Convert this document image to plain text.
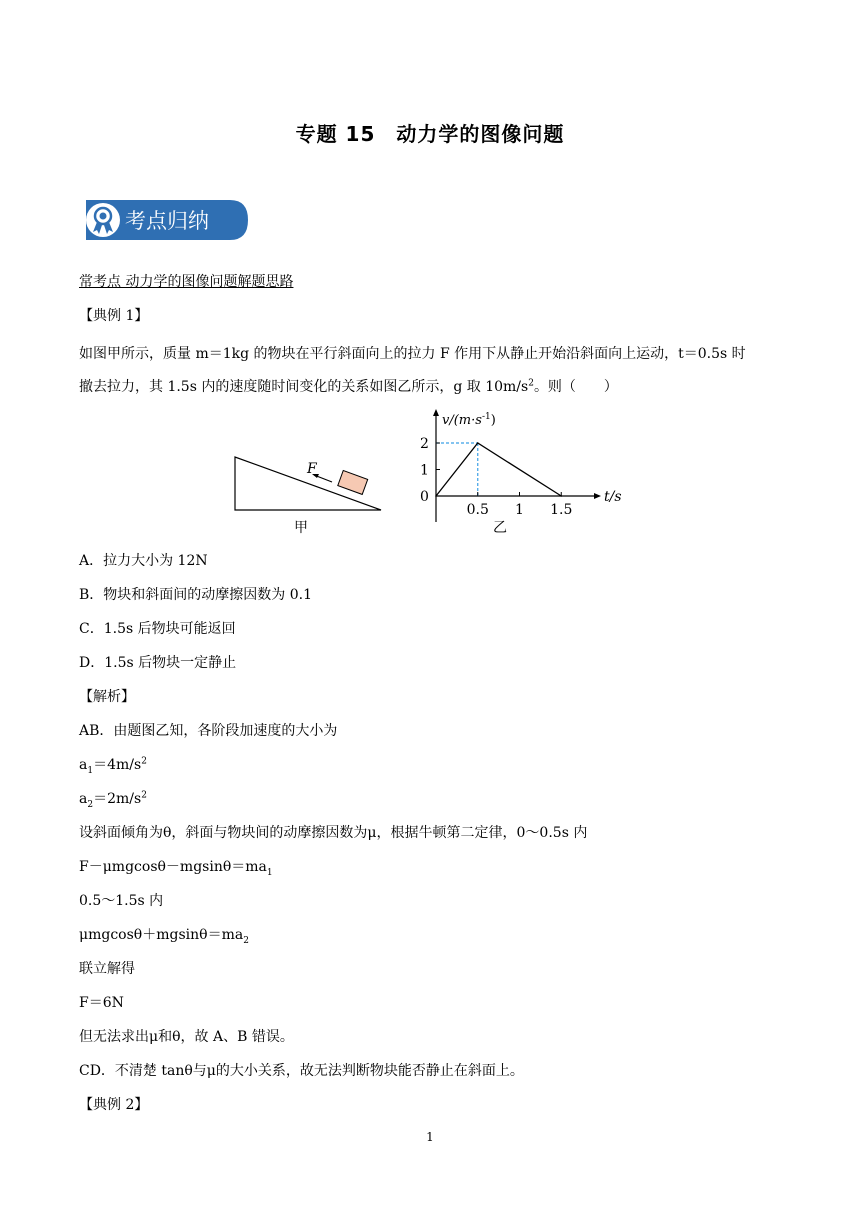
专题 15　动力学的图像问题
考点归纳
常考点 动力学的图像问题解题思路
【典例 1】
如图甲所示，质量 m＝1kg 的物块在平行斜面向上的拉力 F 作用下从静止开始沿斜面向上运动，t＝0.5s 时
撤去拉力，其 1.5s 内的速度随时间变化的关系如图乙所示，g 取 $10m/s^2$。则（　　）
F
甲
$v/(m\cdot s^{-1})$
t/s
0
2
1
0.5 1 1.5
乙
A．拉力大小为 12N
B．物块和斜面间的动摩擦因数为 0.1
C．1.5s 后物块可能返回
D．1.5s 后物块一定静止
【解析】
AB．由题图乙知，各阶段加速度的大小为
$a_1=4m/s^2$
$a_2=2m/s^2$
设斜面倾角为θ，斜面与物块间的动摩擦因数为μ，根据牛顿第二定律，0～0.5s 内
$F-\mu mgcos\theta-mgsin\theta=ma_1$
0.5～1.5s 内
$\mu mgcos\theta+mgsin\theta=ma_2$
联立解得
F＝6N
但无法求出μ和θ，故 A、B 错误。
CD．不清楚 tanθ与μ的大小关系，故无法判断物块能否静止在斜面上。
【典例 2】
1
